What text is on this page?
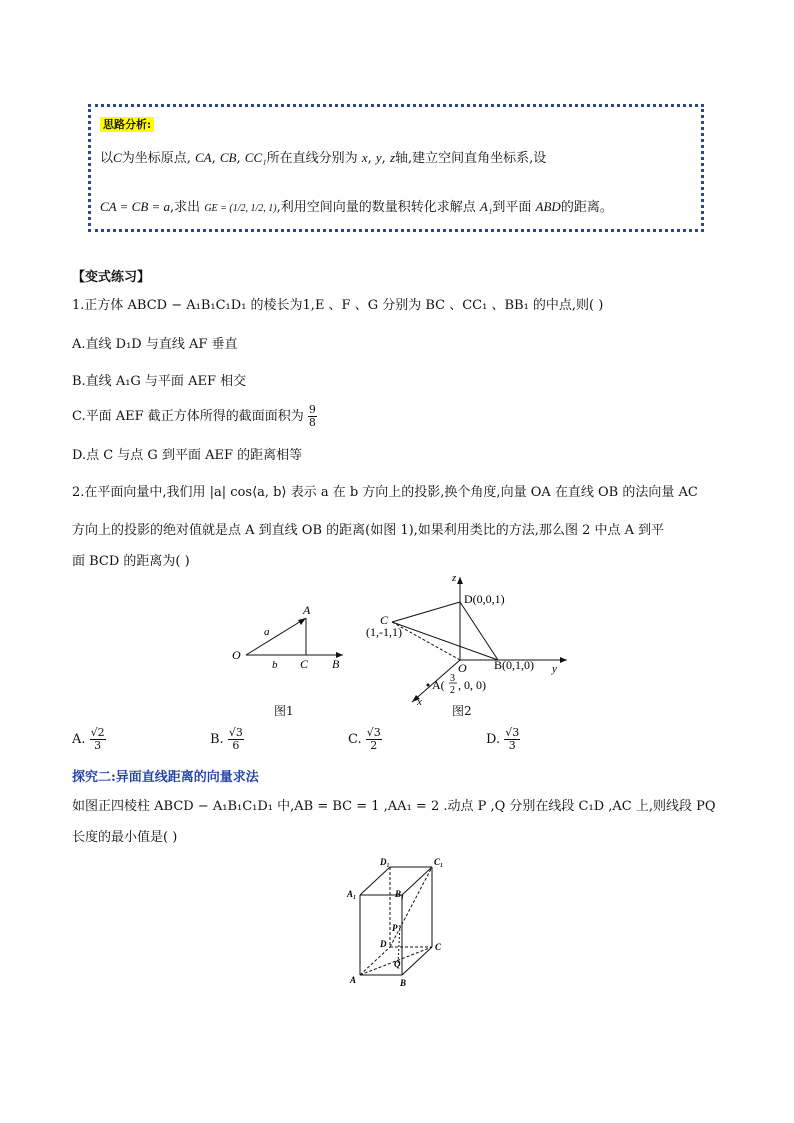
思路分析:
以C为坐标原点, CA, CB, CC₁所在直线分别为 x, y, z轴,建立空间直角坐标系,设
CA = CB = a,求出 GE = (1/2, 1/2, 1),利用空间向量的数量积转化求解点 A₁到平面 ABD的距离。
【变式练习】
1.正方体 ABCD − A₁B₁C₁D₁ 的棱长为1,E 、F 、G 分别为 BC 、CC₁ 、BB₁ 的中点,则( )
A.直线 D₁D 与直线 AF 垂直
B.直线 A₁G 与平面 AEF 相交
C.平面 AEF 截正方体所得的截面面积为 $\frac{9}{8}$
D.点 C 与点 G 到平面 AEF 的距离相等
2.在平面向量中,我们用 |a| cos⟨a, b⟩ 表示 a 在 b 方向上的投影,换个角度,向量 OA 在直线 OB 的法向量 AC
方向上的投影的绝对值就是点 A 到直线 OB 的距离(如图 1),如果利用类比的方法,那么图 2 中点 A 到平
面 BCD 的距离为( )
O
A
B
C
a
b
图1
z
y
x
D(0,0,1)
C
(1,-1,1)
O B(0,1,0)
A( 3
2 , 0, 0)
图2
A. $\frac{√2}{3}$	B. $\frac{√3}{6}$	C. $\frac{√3}{2}$	D. $\frac{√3}{3}$
探究二:异面直线距离的向量求法
如图正四棱柱 ABCD − A₁B₁C₁D₁ 中,AB = BC = 1 ,AA₁ = 2 .动点 P ,Q 分别在线段 C₁D ,AC 上,则线段 PQ
长度的最小值是( )
D₁	C₁
A₁	B₁
D	C
A	B
P
Q
